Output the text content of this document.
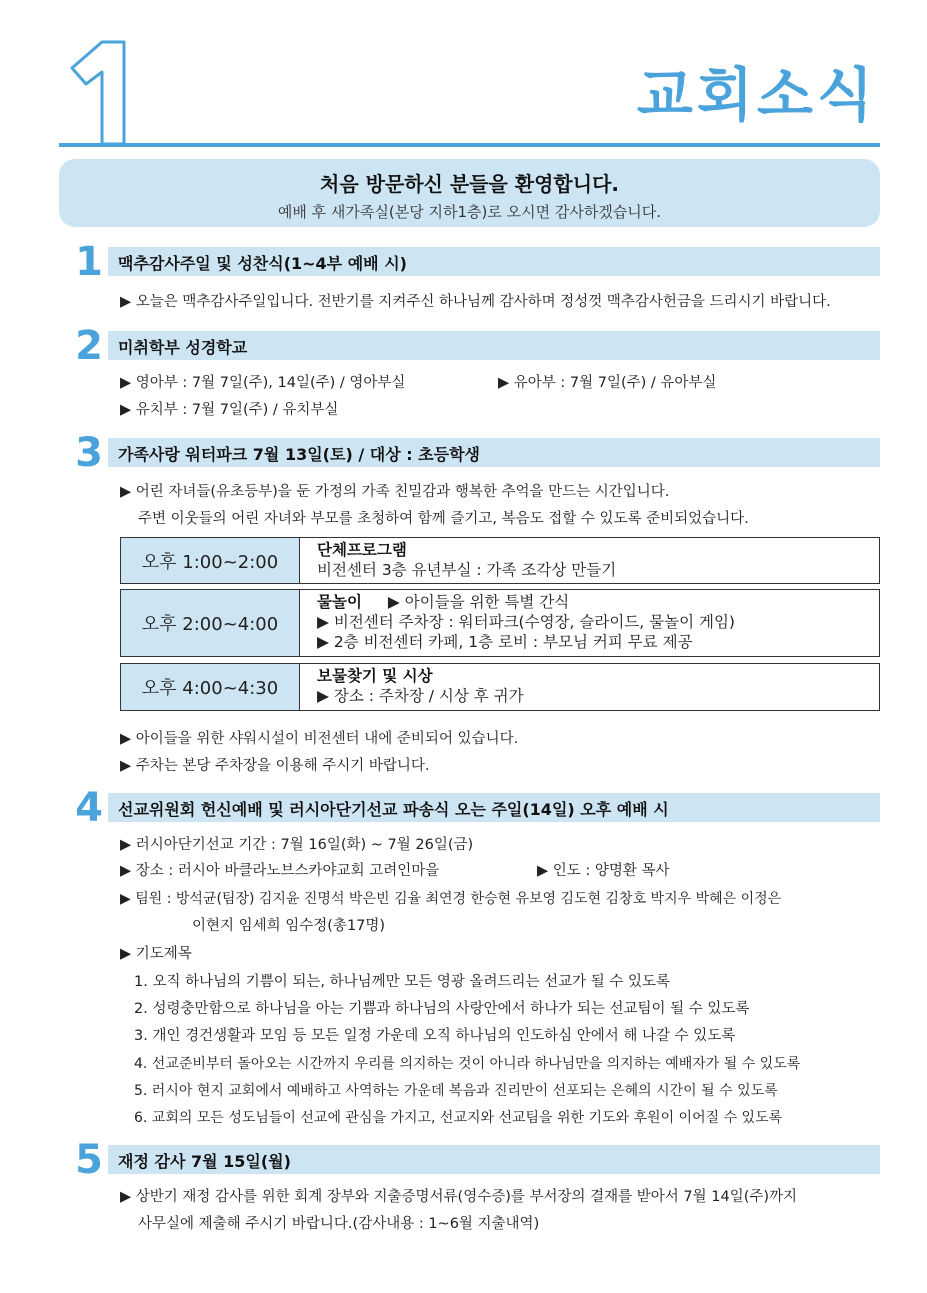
교회소식
처음 방문하신 분들을 환영합니다.
예배 후 새가족실(본당 지하1층)로 오시면 감사하겠습니다.
1 맥추감사주일 및 성찬식(1~4부 예배 시)
▶ 오늘은 맥추감사주일입니다. 전반기를 지켜주신 하나님께 감사하며 정성껏 맥추감사헌금을 드리시기 바랍니다.
2 미취학부 성경학교
▶ 영아부 : 7월 7일(주), 14일(주) / 영아부실	▶ 유아부 : 7월 7일(주) / 유아부실
▶ 유치부 : 7월 7일(주) / 유치부실
3 가족사랑 워터파크 7월 13일(토) / 대상 : 초등학생
▶ 어린 자녀들(유초등부)을 둔 가정의 가족 친밀감과 행복한 추억을 만드는 시간입니다.
주변 이웃들의 어린 자녀와 부모를 초청하여 함께 즐기고, 복음도 접할 수 있도록 준비되었습니다.
오후 1:00~2:00
단체프로그램
비전센터 3층 유년부실 : 가족 조각상 만들기
오후 2:00~4:00
물놀이 ▶ 아이들을 위한 특별 간식
▶ 비전센터 주차장 : 워터파크(수영장, 슬라이드, 물놀이 게임)
▶ 2층 비전센터 카페, 1층 로비 : 부모님 커피 무료 제공
오후 4:00~4:30
보물찾기 및 시상
▶ 장소 : 주차장 / 시상 후 귀가
▶ 아이들을 위한 샤워시설이 비전센터 내에 준비되어 있습니다.
▶ 주차는 본당 주차장을 이용해 주시기 바랍니다.
4 선교위원회 헌신예배 및 러시아단기선교 파송식 오는 주일(14일) 오후 예배 시
▶ 러시아단기선교 기간 : 7월 16일(화) ~ 7월 26일(금)
▶ 장소 : 러시아 바클라노브스카야교회 고려인마을	▶ 인도 : 양명환 목사
▶ 팀원 : 방석균(팀장) 김지윤 진명석 박은빈 김율 최연경 한승현 유보영 김도현 김창호 박지우 박혜은 이정은
이현지 임세희 임수정(총17명)
▶ 기도제목
1. 오직 하나님의 기쁨이 되는, 하나님께만 모든 영광 올려드리는 선교가 될 수 있도록
2. 성령충만함으로 하나님을 아는 기쁨과 하나님의 사랑안에서 하나가 되는 선교팀이 될 수 있도록
3. 개인 경건생활과 모임 등 모든 일정 가운데 오직 하나님의 인도하심 안에서 해 나갈 수 있도록
4. 선교준비부터 돌아오는 시간까지 우리를 의지하는 것이 아니라 하나님만을 의지하는 예배자가 될 수 있도록
5. 러시아 현지 교회에서 예배하고 사역하는 가운데 복음과 진리만이 선포되는 은혜의 시간이 될 수 있도록
6. 교회의 모든 성도님들이 선교에 관심을 가지고, 선교지와 선교팀을 위한 기도와 후원이 이어질 수 있도록
5 재정 감사 7월 15일(월)
▶ 상반기 재정 감사를 위한 회계 장부와 지출증명서류(영수증)를 부서장의 결재를 받아서 7월 14일(주)까지
사무실에 제출해 주시기 바랍니다.(감사내용 : 1~6월 지출내역)
